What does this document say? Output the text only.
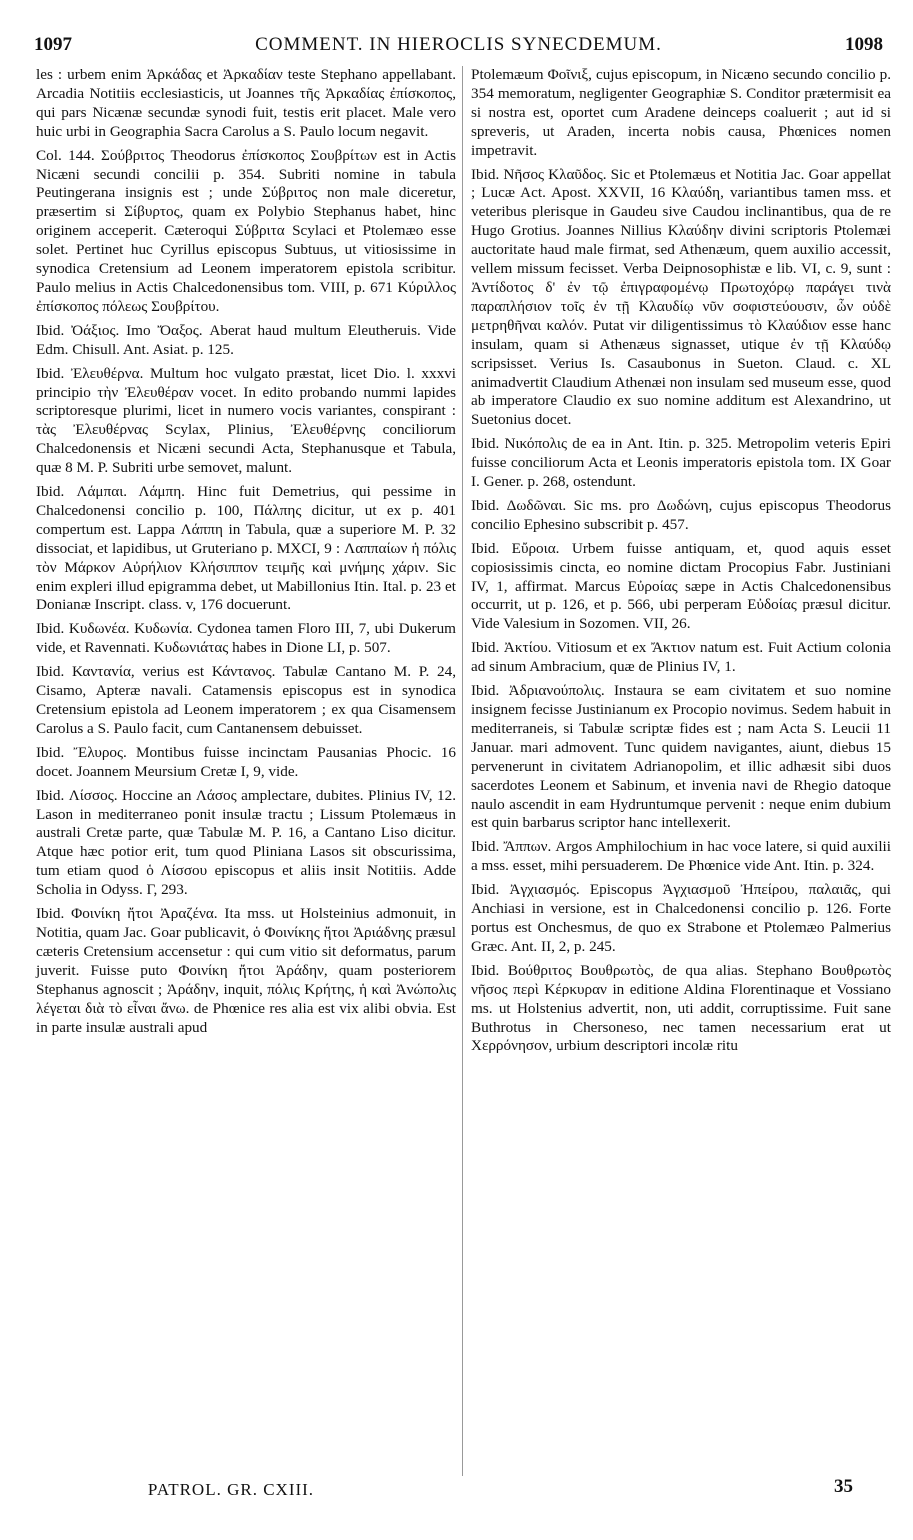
1097	COMMENT. IN HIEROCLIS SYNECDEMUM.	1098

les : urbem enim Ἀρκάδας et Ἀρκαδίαν teste Stephano appellabant. Arcadia Notitiis ecclesiasticis, ut Joannes τῆς Ἀρκαδίας ἐπίσκοπος, qui pars Nicænæ secundæ synodi fuit, testis erit placet. Male vero huic urbi in Geographia Sacra Carolus a S. Paulo locum negavit.

Col. 144. Σούβριτος Theodorus ἐπίσκοπος Σουβρίτων est in Actis Nicæni secundi concilii p. 354. Subriti nomine in tabula Peutingerana insignis est ; unde Σύβριτος non male diceretur, præsertim si Σίβυρτος, quam ex Polybio Stephanus habet, hinc originem acceperit. Cæteroqui Σύβριτα Scylaci et Ptolemæo esse solet. Pertinet huc Cyrillus episcopus Subtuus, ut vitiosissime in synodica Cretensium ad Leonem imperatorem epistola scribitur. Paulo melius in Actis Chalcedonensibus tom. VIII, p. 671 Κύριλλος ἐπίσκοπος πόλεως Σουβρίτου.

Ibid. Ὀάξιος. Imo Ὄαξος. Aberat haud multum Eleutheruis. Vide Edm. Chisull. Ant. Asiat. p. 125.

Ibid. Ἐλευθέρνα. Multum hoc vulgato præstat, licet Dio. l. xxxvi principio τὴν Ἐλευθέραν vocet. In edito probando nummi lapides scriptoresque plurimi, licet in numero vocis variantes, conspirant : τὰς Ἐλευθέρνας Scylax, Plinius, Ἐλευθέρνης conciliorum Chalcedonensis et Nicæni secundi Acta, Stephanusque et Tabula, quæ 8 M. P. Subriti urbe semovet, malunt.

Ibid. Λάμπαι. Λάμπη. Hinc fuit Demetrius, qui pessime in Chalcedonensi concilio p. 100, Πάλπης dicitur, ut ex p. 401 compertum est. Lappa Λάππη in Tabula, quæ a superiore M. P. 32 dissociat, et lapidibus, ut Gruteriano p. MXCI, 9 : Λαππαίων ἡ πόλις τὸν Μάρκον Αὐρήλιον Κλήσιππον τειμῆς καὶ μνήμης χάριν. Sic enim expleri illud epigramma debet, ut Mabillonius Itin. Ital. p. 23 et Donianæ Inscript. class. v, 176 docuerunt.

Ibid. Κυδωνέα. Κυδωνία. Cydonea tamen Floro III, 7, ubi Dukerum vide, et Ravennati. Κυδωνιάτας habes in Dione LI, p. 507.

Ibid. Κανταvία, verius est Κάντανος. Tabulæ Cantano M. P. 24, Cisamo, Apteræ navali. Catamensis episcopus est in synodica Cretensium epistola ad Leonem imperatorem ; ex qua Cisamensem Carolus a S. Paulo facit, cum Cantanensem debuisset.

Ibid. Ἔλυρος. Montibus fuisse incinctam Pausanias Phocic. 16 docet. Joannem Meursium Cretæ I, 9, vide.

Ibid. Λίσσος. Hoccine an Λάσος amplectare, dubites. Plinius IV, 12. Lason in mediterraneo ponit insulæ tractu ; Lissum Ptolemæus in australi Cretæ parte, quæ Tabulæ M. P. 16, a Cantano Liso dicitur. Atque hæc potior erit, tum quod Pliniana Lasos sit obscurissima, tum etiam quod ὁ Λίσσου episcopus et aliis insit Notitiis. Adde Scholia in Odyss. Γ, 293.

Ibid. Φοινίκη ἤτοι Ἀραζένα. Ita mss. ut Holsteinius admonuit, in Notitia, quam Jac. Goar publicavit, ὁ Φοινίκης ἤτοι Ἀριάδνης præsul cæteris Cretensium accensetur : qui cum vitio sit deformatus, parum juverit. Fuisse puto Φοινίκη ἤτοι Ἀράδην, quam posteriorem Stephanus agnoscit ; Ἀράδην, inquit, πόλις Κρήτης, ἡ καὶ Ἀνώπολις λέγεται διὰ τὸ εἶναι ἄνω. de Phœnice res alia est vix alibi obvia. Est in parte insulæ australi apud

Ptolemæum Φοῖνιξ, cujus episcopum, in Nicæno secundo concilio p. 354 memoratum, negligenter Geographiæ S. Conditor prætermisit ea si nostra est, oportet cum Aradene deinceps coaluerit ; aut id si spreveris, ut Araden, incerta nobis causa, Phœnices nomen impetravit.

Ibid. Νῆσος Κλαῦδος. Sic et Ptolemæus et Notitia Jac. Goar appellat ; Lucæ Act. Apost. XXVII, 16 Κλαύδη, variantibus tamen mss. et veteribus plerisque in Gaudeu sive Caudou inclinantibus, qua de re Hugo Grotius. Joannes Nillius Κλαύδην divini scriptoris Ptolemæi auctoritate haud male firmat, sed Athenæum, quem auxilio accessit, vellem missum fecisset. Verba Deipnosophistæ e lib. VI, c. 9, sunt : Ἀντίδοτος δ' ἐν τῷ ἐπιγραφομένῳ Πρωτοχόρῳ παράγει τινὰ παραπλήσιον τοῖς ἐν τῇ Κλαυδίῳ νῦν σοφιστεύουσιν, ὧν οὐδὲ μετρηθῆναι καλόν. Putat vir diligentissimus τὸ Κλαύδιον esse hanc insulam, quam si Athenæus signasset, utique ἐν τῇ Κλαύδῳ scripsisset. Verius Is. Casaubonus in Sueton. Claud. c. XL animadvertit Claudium Athenæi non insulam sed museum esse, quod ab imperatore Claudio ex suo nomine additum est Alexandrino, ut Suetonius docet.

Ibid. Νικόπολις de ea in Ant. Itin. p. 325. Metropolim veteris Epiri fuisse conciliorum Acta et Leonis imperatoris epistola tom. IX Goar I. Gener. p. 268, ostendunt.

Ibid. Δωδῶναι. Sic ms. pro Δωδώνη, cujus episcopus Theodorus concilio Ephesino subscribit p. 457.

Ibid. Εὔροια. Urbem fuisse antiquam, et, quod aquis esset copiosissimis cincta, eo nomine dictam Procopius Fabr. Justiniani IV, 1, affirmat. Marcus Εὐροίας sæpe in Actis Chalcedonensibus occurrit, ut p. 126, et p. 566, ubi perperam Εὐδοίας præsul dicitur. Vide Valesium in Sozomen. VII, 26.

Ibid. Ἀκτίου. Vitiosum et ex Ἄκτιον natum est. Fuit Actium colonia ad sinum Ambracium, quæ de Plinius IV, 1.

Ibid. Ἀδριανούπολις. Instaura se eam civitatem et suo nomine insignem fecisse Justinianum ex Procopio novimus. Sedem habuit in mediterraneis, si Tabulæ scriptæ fides est ; nam Acta S. Leucii 11 Januar. mari admovent. Tunc quidem navigantes, aiunt, diebus 15 pervenerunt in civitatem Adrianopolim, et illic adhæsit sibi duos sacerdotes Leonem et Sabinum, et invenia navi de Rhegio datoque naulo ascendit in eam Hydruntumque pervenit : neque enim dubium est quin barbarus scriptor hanc intellexerit.

Ibid. Ἄππων. Argos Amphilochium in hac voce latere, si quid auxilii a mss. esset, mihi persuaderem. De Phœnice vide Ant. Itin. p. 324.

Ibid. Ἀγχιασμός. Episcopus Ἀγχιασμοῦ Ἠπείρου, παλαιᾶς, qui Anchiasi in versione, est in Chalcedonensi concilio p. 126. Forte portus est Onchesmus, de quo ex Strabone et Ptolemæo Palmerius Græc. Ant. II, 2, p. 245.

Ibid. Βούθριτος Βουθρωτὸς, de qua alias. Stephano Βουθρωτὸς νῆσος περὶ Κέρκυραν in editione Aldina Florentinaque et Vossiano ms. ut Holstenius advertit, non, uti addit, corruptissime. Fuit sane Buthrotus in Chersoneso, nec tamen necessarium erat ut Χερρόνησον, urbium descriptori incolæ ritu

PATROL. GR. CXIII.	35
